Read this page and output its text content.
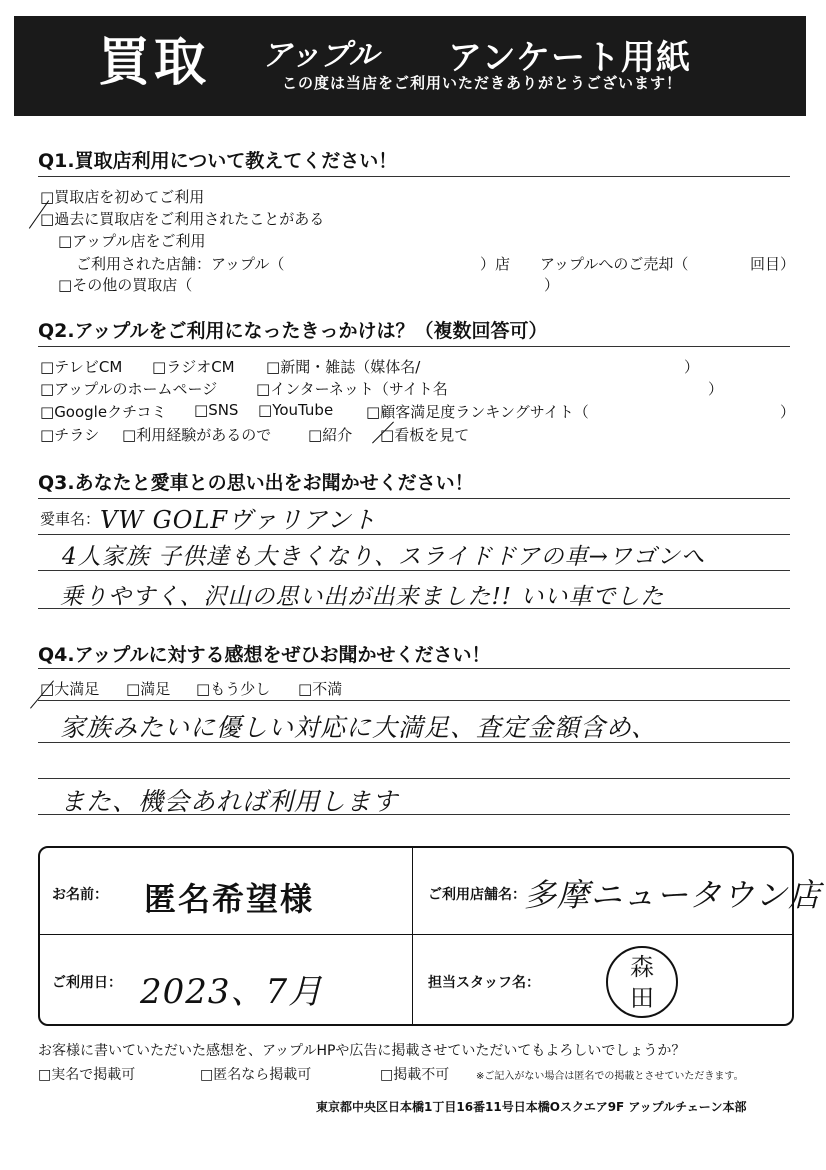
買取 アップル アンケート用紙
この度は当店をご利用いただきありがとうございます！
Q1.買取店利用について教えてください！
□ 買取店を初めてご利用
□ 過去に買取店をご利用されたことがある
□ アップル店をご利用
ご利用された店舗：アップル（	）店 アップルへのご売却（	回目）
□ その他の買取店（	）
Q2.アップルをご利用になったきっかけは？（複数回答可）
□ テレビCM	□ ラジオCM	□ 新聞・雑誌（媒体名/	）
□ アップルのホームページ	□ インターネット（サイト名	）
□ Googleクチコミ	□ SNS	□ YouTube	□ 顧客満足度ランキングサイト（	）
□ チラシ	□ 利用経験があるので	□ 紹介	□ 看板を見て
Q3.あなたと愛車との思い出をお聞かせください！
愛車名： VW GOLFヴァリアント
4人家族 子供達も大きくなり、スライドドアの車→ワゴンへ
乗りやすく、沢山の思い出が出来ました!! いい車でした
Q4.アップルに対する感想をぜひお聞かせください！
□ 大満足	□ 満足	□ もう少し	□ 不満
家族みたいに優しい対応に大満足、査定金額含め、
また、機会あれば利用します
お名前： 匿名希望様	ご利用店舗名：
多摩ニュータウン店
ご利用日： 2023、7月	担当スタッフ名：
森
田
お客様に書いていただいた感想を、アップルHPや広告に掲載させていただいてもよろしいでしょうか？
□ 実名で掲載可	□ 匿名なら掲載可	□ 掲載不可	※ご記入がない場合は匿名での掲載とさせていただきます。
東京都中央区日本橋1丁目16番11号日本橋Oスクエア9F アップルチェーン本部
